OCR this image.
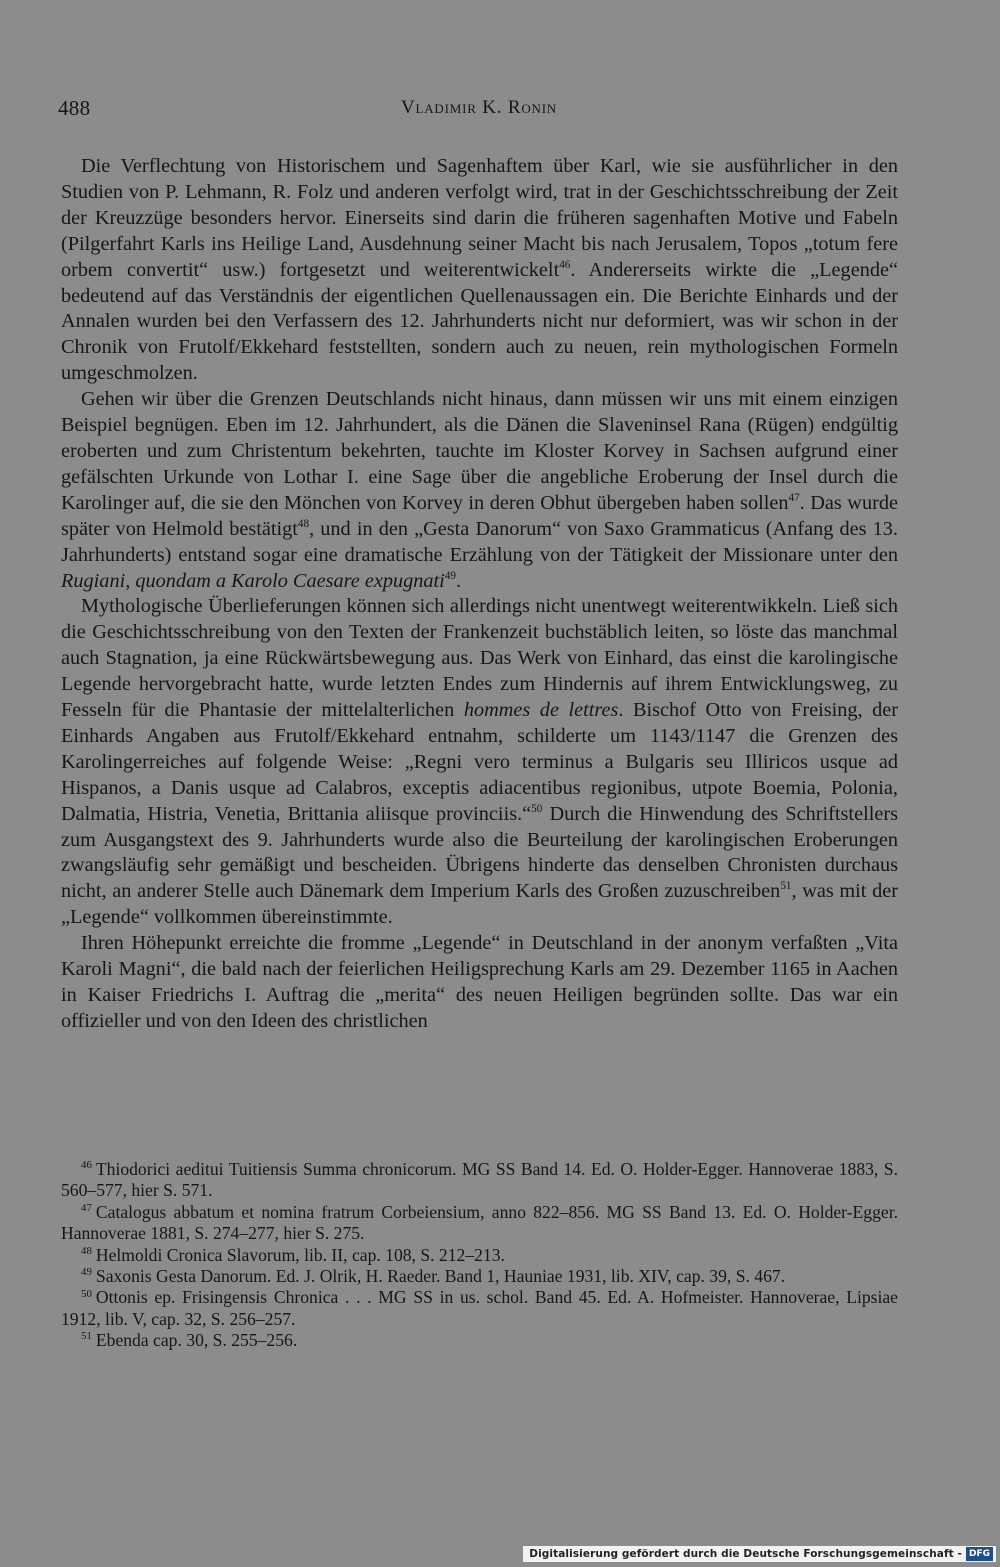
488	Vladimir K. Ronin

Die Verflechtung von Historischem und Sagenhaftem über Karl, wie sie ausführlicher in den Studien von P. Lehmann, R. Folz und anderen verfolgt wird, trat in der Geschichtsschreibung der Zeit der Kreuzzüge besonders hervor. Einerseits sind darin die früheren sagenhaften Motive und Fabeln (Pilgerfahrt Karls ins Heilige Land, Ausdehnung seiner Macht bis nach Jerusalem, Topos „totum fere orbem convertit“ usw.) fortgesetzt und weiterentwickelt$^{46}$. Andererseits wirkte die „Legende“ bedeutend auf das Verständnis der eigentlichen Quellenaussagen ein. Die Berichte Einhards und der Annalen wurden bei den Verfassern des 12. Jahrhunderts nicht nur deformiert, was wir schon in der Chronik von Frutolf/Ekkehard feststellten, sondern auch zu neuen, rein mythologischen Formeln umgeschmolzen.

Gehen wir über die Grenzen Deutschlands nicht hinaus, dann müssen wir uns mit einem einzigen Beispiel begnügen. Eben im 12. Jahrhundert, als die Dänen die Slaveninsel Rana (Rügen) endgültig eroberten und zum Christentum bekehrten, tauchte im Kloster Korvey in Sachsen aufgrund einer gefälschten Urkunde von Lothar I. eine Sage über die angebliche Eroberung der Insel durch die Karolinger auf, die sie den Mönchen von Korvey in deren Obhut übergeben haben sollen$^{47}$. Das wurde später von Helmold bestätigt$^{48}$, und in den „Gesta Danorum“ von Saxo Grammaticus (Anfang des 13. Jahrhunderts) entstand sogar eine dramatische Erzählung von der Tätigkeit der Missionare unter den Rugiani, quondam a Karolo Caesare expugnati$^{49}$.

Mythologische Überlieferungen können sich allerdings nicht unentwegt weiterentwikkeln. Ließ sich die Geschichtsschreibung von den Texten der Frankenzeit buchstäblich leiten, so löste das manchmal auch Stagnation, ja eine Rückwärtsbewegung aus. Das Werk von Einhard, das einst die karolingische Legende hervorgebracht hatte, wurde letzten Endes zum Hindernis auf ihrem Entwicklungsweg, zu Fesseln für die Phantasie der mittelalterlichen hommes de lettres. Bischof Otto von Freising, der Einhards Angaben aus Frutolf/Ekkehard entnahm, schilderte um 1143/1147 die Grenzen des Karolingerreiches auf folgende Weise: „Regni vero terminus a Bulgaris seu Illiricos usque ad Hispanos, a Danis usque ad Calabros, exceptis adiacentibus regionibus, utpote Boemia, Polonia, Dalmatia, Histria, Venetia, Brittania aliisque provinciis.“$^{50}$ Durch die Hinwendung des Schriftstellers zum Ausgangstext des 9. Jahrhunderts wurde also die Beurteilung der karolingischen Eroberungen zwangsläufig sehr gemäßigt und bescheiden. Übrigens hinderte das denselben Chronisten durchaus nicht, an anderer Stelle auch Dänemark dem Imperium Karls des Großen zuzuschreiben$^{51}$, was mit der „Legende“ vollkommen übereinstimmte.

Ihren Höhepunkt erreichte die fromme „Legende“ in Deutschland in der anonym verfaßten „Vita Karoli Magni“, die bald nach der feierlichen Heiligsprechung Karls am 29. Dezember 1165 in Aachen in Kaiser Friedrichs I. Auftrag die „merita“ des neuen Heiligen begründen sollte. Das war ein offizieller und von den Ideen des christlichen

$^{46}$ Thiodorici aeditui Tuitiensis Summa chronicorum. MG SS Band 14. Ed. O. Holder-Egger. Hannoverae 1883, S. 560–577, hier S. 571.

$^{47}$ Catalogus abbatum et nomina fratrum Corbeiensium, anno 822–856. MG SS Band 13. Ed. O. Holder-Egger. Hannoverae 1881, S. 274–277, hier S. 275.

$^{48}$ Helmoldi Cronica Slavorum, lib. II, cap. 108, S. 212–213.

$^{49}$ Saxonis Gesta Danorum. Ed. J. Olrik, H. Raeder. Band 1, Hauniae 1931, lib. XIV, cap. 39, S. 467.

$^{50}$ Ottonis ep. Frisingensis Chronica . . . MG SS in us. schol. Band 45. Ed. A. Hofmeister. Hannoverae, Lipsiae 1912, lib. V, cap. 32, S. 256–257.

$^{51}$ Ebenda cap. 30, S. 255–256.

Digitalisierung gefördert durch die Deutsche Forschungsgemeinschaft - DFG
